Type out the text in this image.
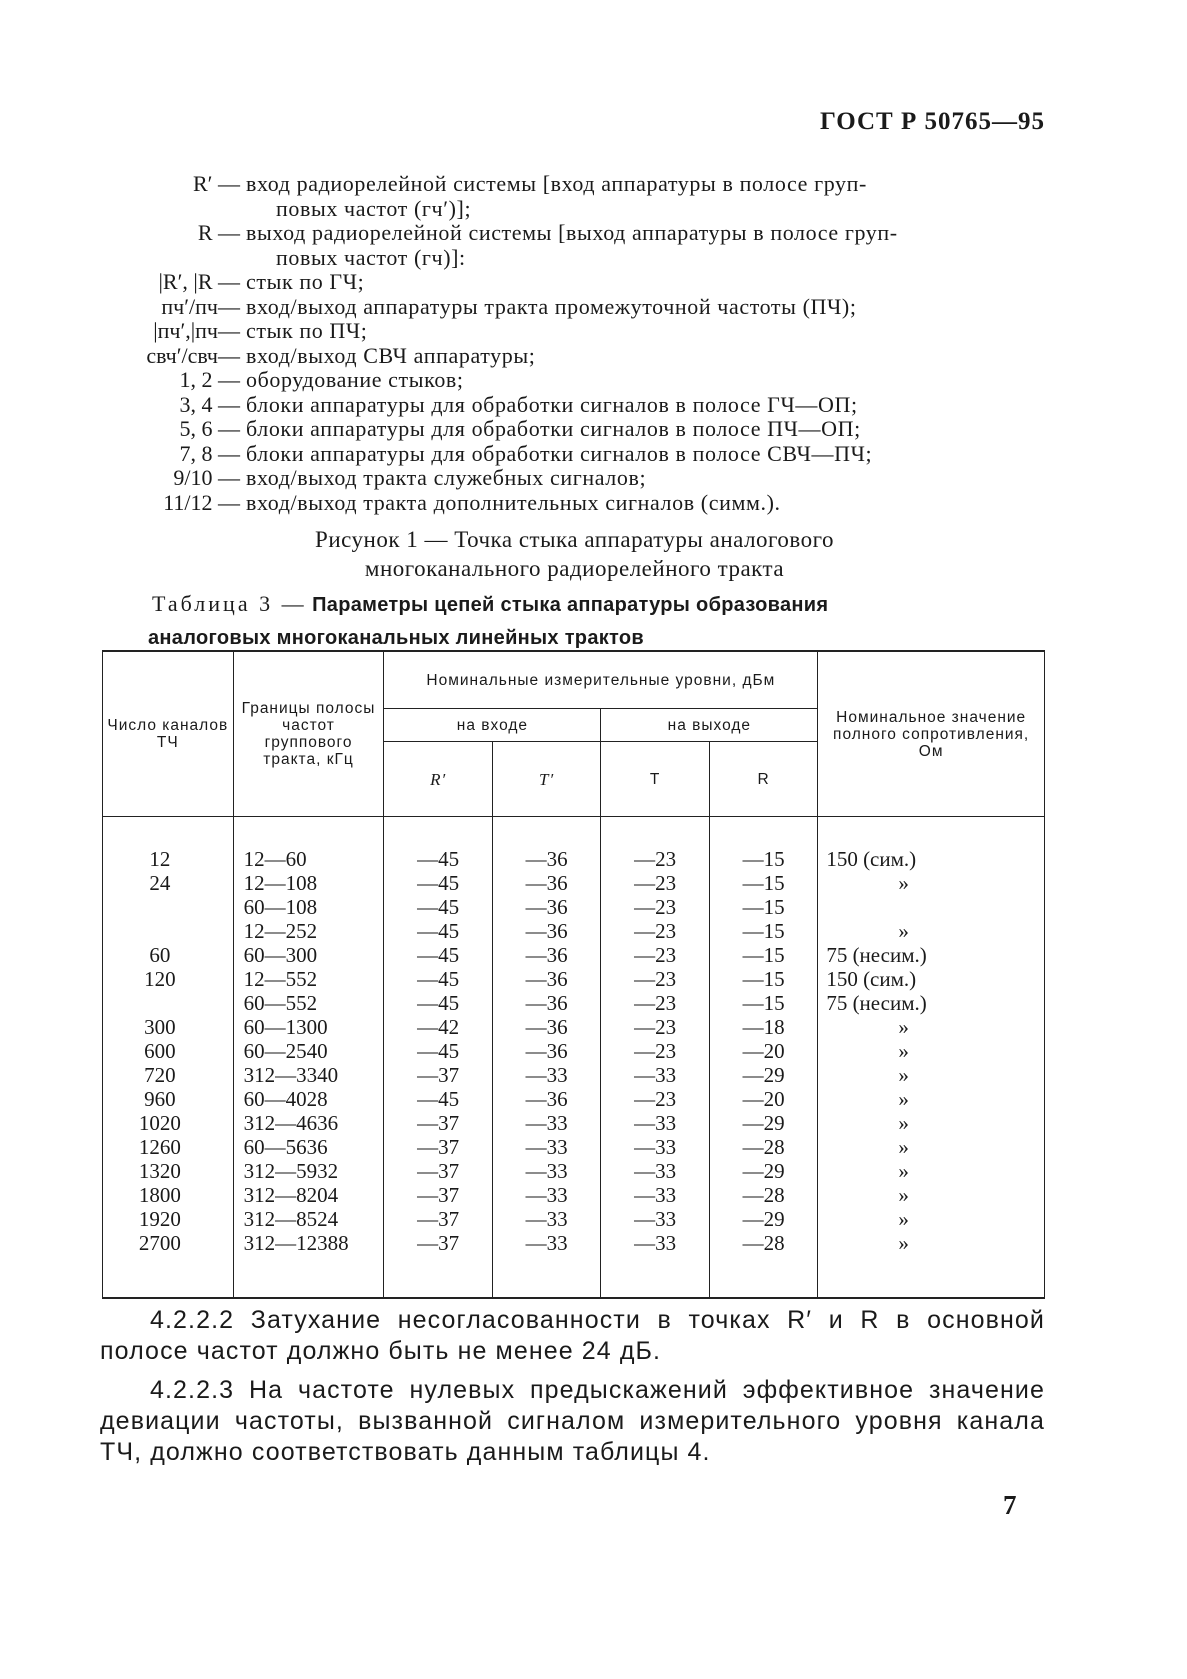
ГОСТ Р 50765—95
R′ — вход радиорелейной системы [вход аппаратуры в полосе груп-
повых частот (гч′)];
R — выход радиорелейной системы [выход аппаратуры в полосе груп-
повых частот (гч)]:
|R′, |R — стык по ГЧ;
пч′/пч— вход/выход аппаратуры тракта промежуточной частоты (ПЧ);
|пч′,|пч— стык по ПЧ;
свч′/свч— вход/выход СВЧ аппаратуры;
1, 2 — оборудование стыков;
3, 4 — блоки аппаратуры для обработки сигналов в полосе ГЧ—ОП;
5, 6 — блоки аппаратуры для обработки сигналов в полосе ПЧ—ОП;
7, 8 — блоки аппаратуры для обработки сигналов в полосе СВЧ—ПЧ;
9/10 — вход/выход тракта служебных сигналов;
11/12 — вход/выход тракта дополнительных сигналов (симм.).
Рисунок 1 — Точка стыка аппаратуры аналогового
многоканального радиорелейного тракта
Таблица 3 — Параметры цепей стыка аппаратуры образования
аналоговых многоканальных линейных трактов
Число каналов ТЧ	Границы полосы частот группового тракта, кГц	Номинальные измерительные уровни, дБм				Номинальное значение полного сопротивления, Ом
		на входе		на выходе		
		R′	T′	T	R	

12	12—60	—45	—36	—23	—15	150 (сим.)
24	12—108	—45	—36	—23	—15	»
	60—108	—45	—36	—23	—15	
	12—252	—45	—36	—23	—15	»
60	60—300	—45	—36	—23	—15	75 (несим.)
120	12—552	—45	—36	—23	—15	150 (сим.)
	60—552	—45	—36	—23	—15	75 (несим.)
300	60—1300	—42	—36	—23	—18	»
600	60—2540	—45	—36	—23	—20	»
720	312—3340	—37	—33	—33	—29	»
960	60—4028	—45	—36	—23	—20	»
1020	312—4636	—37	—33	—33	—29	»
1260	60—5636	—37	—33	—33	—28	»
1320	312—5932	—37	—33	—33	—29	»
1800	312—8204	—37	—33	—33	—28	»
1920	312—8524	—37	—33	—33	—29	»
2700	312—12388	—37	—33	—33	—28	»

4.2.2.2 Затухание несогласованности в точках R′ и R в основной полосе частот должно быть не менее 24 дБ.

4.2.2.3 На частоте нулевых предыскажений эффективное значение девиации частоты, вызванной сигналом измерительного уровня канала ТЧ, должно соответствовать данным таблицы 4.

7
